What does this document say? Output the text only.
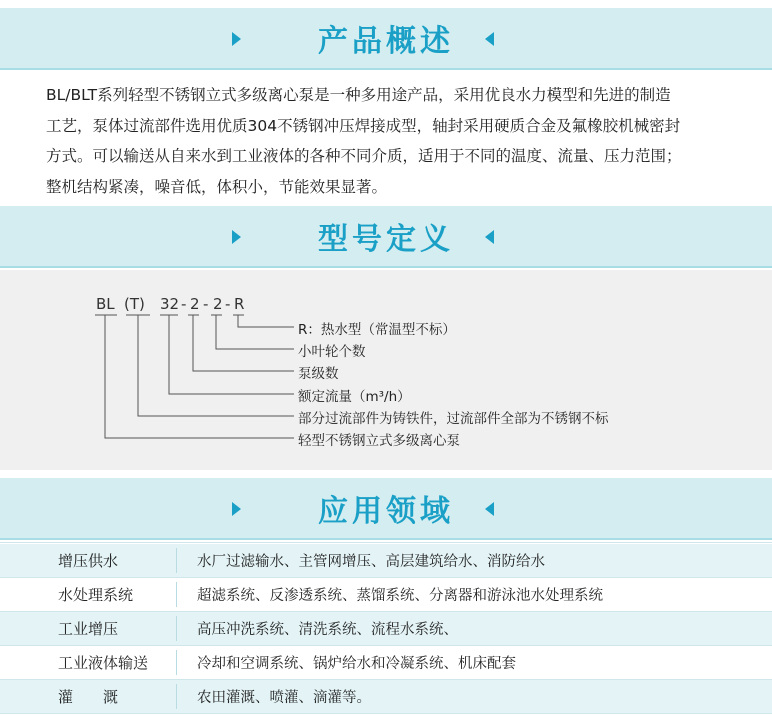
产品概述
BL/BLT系列轻型不锈钢立式多级离心泵是一种多用途产品，采用优良水力模型和先进的制造
工艺，泵体过流部件选用优质304不锈钢冲压焊接成型，轴封采用硬质合金及氟橡胶机械密封
方式。可以输送从自来水到工业液体的各种不同介质，适用于不同的温度、流量、压力范围；
整机结构紧凑，噪音低，体积小，节能效果显著。
型号定义
BL (T) 32 - 2 - 2 - R
R：热水型（常温型不标）
小叶轮个数
泵级数
额定流量（m³/h）
部分过流部件为铸铁件，过流部件全部为不锈钢不标
轻型不锈钢立式多级离心泵
应用领域
增压供水	水厂过滤输水、主管网增压、高层建筑给水、消防给水
水处理系统	超滤系统、反渗透系统、蒸馏系统、分离器和游泳池水处理系统
工业增压	高压冲洗系统、清洗系统、流程水系统、
工业液体输送	冷却和空调系统、锅炉给水和冷凝系统、机床配套
灌　　溉	农田灌溉、喷灌、滴灌等。
